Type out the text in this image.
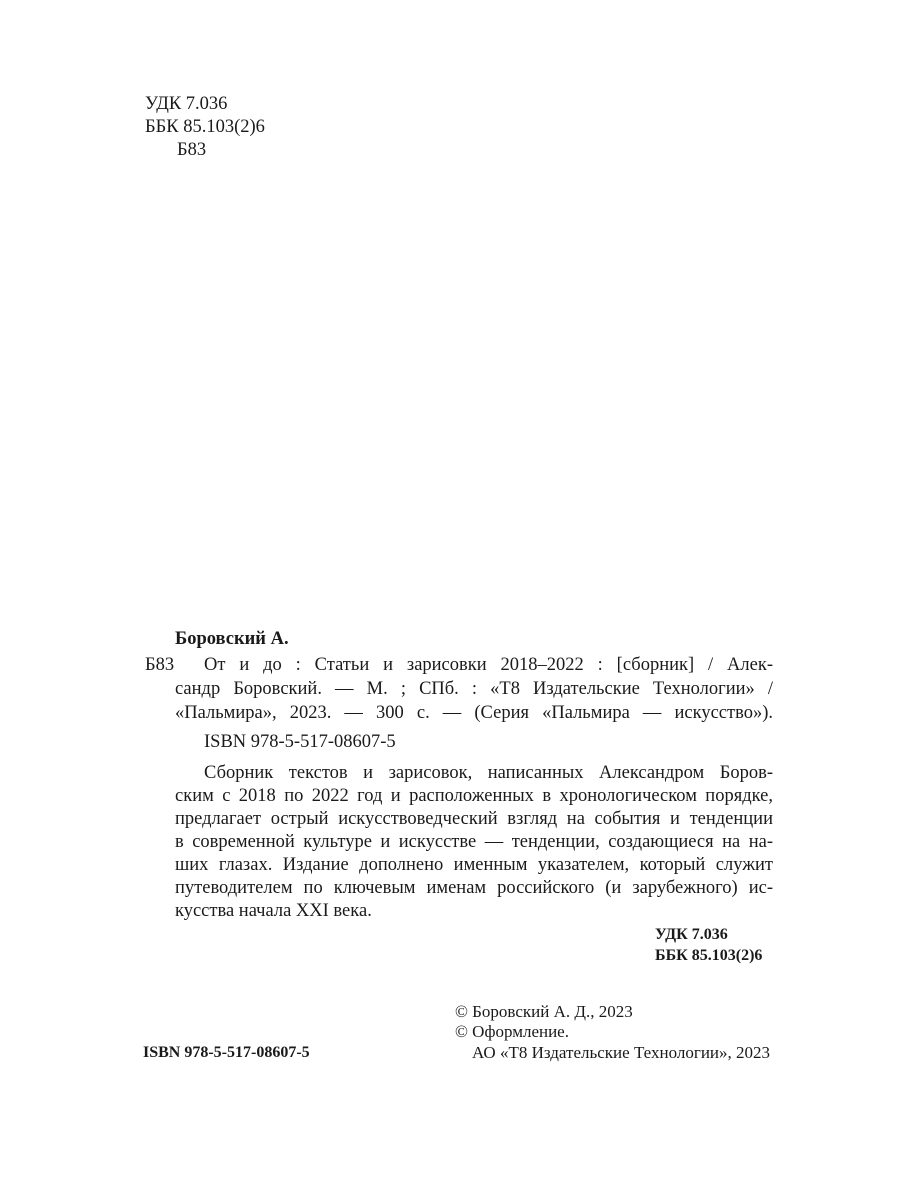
УДК 7.036
ББК 85.103(2)6
Б83
Боровский А.
Б83 От и до : Статьи и зарисовки 2018–2022 : [сборник] / Алек-
сандр Боровский. — М. ; СПб. : «Т8 Издательские Технологии» /
«Пальмира», 2023. — 300 с. — (Серия «Пальмира — искусство»).
ISBN 978-5-517-08607-5
Сборник текстов и зарисовок, написанных Александром Боров-
ским с 2018 по 2022 год и расположенных в хронологическом порядке,
предлагает острый искусствоведческий взгляд на события и тенденции
в современной культуре и искусстве — тенденции, создающиеся на на-
ших глазах. Издание дополнено именным указателем, который служит
путеводителем по ключевым именам российского (и зарубежного) ис-
кусства начала XXI века.
УДК 7.036
ББК 85.103(2)6
© Боровский А. Д., 2023
© Оформление.
АО «Т8 Издательские Технологии», 2023
ISBN 978-5-517-08607-5
